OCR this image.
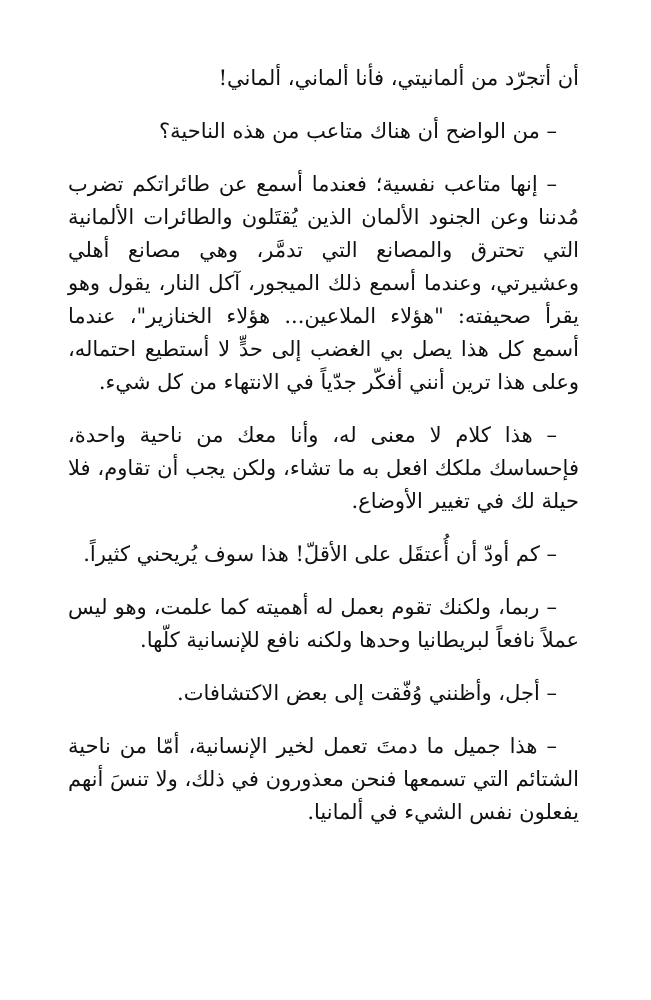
أن أتجرّد من ألمانيتي، فأنا ألماني، ألماني!

– من الواضح أن هناك متاعب من هذه الناحية؟

– إنها متاعب نفسية؛ فعندما أسمع عن طائراتكم تضرب مُدننا وعن الجنود الألمان الذين يُقتَلون والطائرات الألمانية التي تحترق والمصانع التي تدمَّر، وهي مصانع أهلي وعشيرتي، وعندما أسمع ذلك الميجور، آكل النار، يقول وهو يقرأ صحيفته: "هؤلاء الملاعين... هؤلاء الخنازير"، عندما أسمع كل هذا يصل بي الغضب إلى حدٍّ لا أستطيع احتماله، وعلى هذا ترين أنني أفكّر جدّياً في الانتهاء من كل شيء.

– هذا كلام لا معنى له، وأنا معك من ناحية واحدة، فإحساسك ملكك افعل به ما تشاء، ولكن يجب أن تقاوم، فلا حيلة لك في تغيير الأوضاع.

– كم أودّ أن أُعتقَل على الأقلّ! هذا سوف يُريحني كثيراً.

– ربما، ولكنك تقوم بعمل له أهميته كما علمت، وهو ليس عملاً نافعاً لبريطانيا وحدها ولكنه نافع للإنسانية كلّها.

– أجل، وأظنني وُفّقت إلى بعض الاكتشافات.

– هذا جميل ما دمتَ تعمل لخير الإنسانية، أمّا من ناحية الشتائم التي تسمعها فنحن معذورون في ذلك، ولا تنسَ أنهم يفعلون نفس الشيء في ألمانيا.
